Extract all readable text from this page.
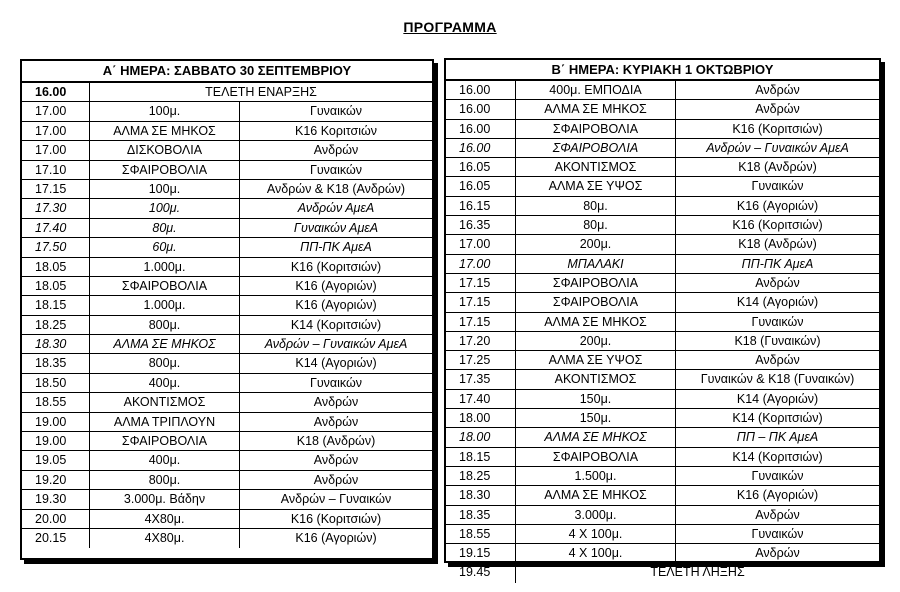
ΠΡΟΓΡΑΜΜΑ
Α΄ ΗΜΕΡΑ: ΣΑΒΒΑΤΟ 30 ΣΕΠΤΕΜΒΡΙΟΥ
16.00	ΤΕΛΕΤΗ ΕΝΑΡΞΗΣ
17.00	100μ.	Γυναικών
17.00	ΑΛΜΑ ΣΕ ΜΗΚΟΣ	Κ16 Κοριτσιών
17.00	ΔΙΣΚΟΒΟΛΙΑ	Ανδρών
17.10	ΣΦΑΙΡΟΒΟΛΙΑ	Γυναικών
17.15	100μ.	Ανδρών & Κ18 (Ανδρών)
17.30	100μ.	Ανδρών ΑμεΑ
17.40	80μ.	Γυναικών ΑμεΑ
17.50	60μ.	ΠΠ-ΠΚ ΑμεΑ
18.05	1.000μ.	Κ16 (Κοριτσιών)
18.05	ΣΦΑΙΡΟΒΟΛΙΑ	Κ16 (Αγοριών)
18.15	1.000μ.	Κ16 (Αγοριών)
18.25	800μ.	Κ14 (Κοριτσιών)
18.30	ΑΛΜΑ ΣΕ ΜΗΚΟΣ	Ανδρών – Γυναικών ΑμεΑ
18.35	800μ.	Κ14 (Αγοριών)
18.50	400μ.	Γυναικών
18.55	ΑΚΟΝΤΙΣΜΟΣ	Ανδρών
19.00	ΑΛΜΑ ΤΡΙΠΛΟΥΝ	Ανδρών
19.00	ΣΦΑΙΡΟΒΟΛΙΑ	Κ18 (Ανδρών)
19.05	400μ.	Ανδρών
19.20	800μ.	Ανδρών
19.30	3.000μ. Βάδην	Ανδρών – Γυναικών
20.00	4Χ80μ.	Κ16 (Κοριτσιών)
20.15	4Χ80μ.	Κ16 (Αγοριών)
Β΄ ΗΜΕΡΑ: ΚΥΡΙΑΚΗ 1 ΟΚΤΩΒΡΙΟΥ
16.00	400μ. ΕΜΠΟΔΙΑ	Ανδρών
16.00	ΑΛΜΑ ΣΕ ΜΗΚΟΣ	Ανδρών
16.00	ΣΦΑΙΡΟΒΟΛΙΑ	Κ16 (Κοριτσιών)
16.00	ΣΦΑΙΡΟΒΟΛΙΑ	Ανδρών – Γυναικών ΑμεΑ
16.05	ΑΚΟΝΤΙΣΜΟΣ	Κ18 (Ανδρών)
16.05	ΑΛΜΑ ΣΕ ΥΨΟΣ	Γυναικών
16.15	80μ.	Κ16 (Αγοριών)
16.35	80μ.	Κ16 (Κοριτσιών)
17.00	200μ.	Κ18 (Ανδρών)
17.00	ΜΠΑΛΑΚΙ	ΠΠ-ΠΚ ΑμεΑ
17.15	ΣΦΑΙΡΟΒΟΛΙΑ	Ανδρών
17.15	ΣΦΑΙΡΟΒΟΛΙΑ	Κ14 (Αγοριών)
17.15	ΑΛΜΑ ΣΕ ΜΗΚΟΣ	Γυναικών
17.20	200μ.	Κ18 (Γυναικών)
17.25	ΑΛΜΑ ΣΕ ΥΨΟΣ	Ανδρών
17.35	ΑΚΟΝΤΙΣΜΟΣ	Γυναικών & Κ18 (Γυναικών)
17.40	150μ.	Κ14 (Αγοριών)
18.00	150μ.	Κ14 (Κοριτσιών)
18.00	ΑΛΜΑ ΣΕ ΜΗΚΟΣ	ΠΠ – ΠΚ ΑμεΑ
18.15	ΣΦΑΙΡΟΒΟΛΙΑ	Κ14 (Κοριτσιών)
18.25	1.500μ.	Γυναικών
18.30	ΑΛΜΑ ΣΕ ΜΗΚΟΣ	Κ16 (Αγοριών)
18.35	3.000μ.	Ανδρών
18.55	4 Χ 100μ.	Γυναικών
19.15	4 Χ 100μ.	Ανδρών
19.45	ΤΕΛΕΤΗ ΛΗΞΗΣ
